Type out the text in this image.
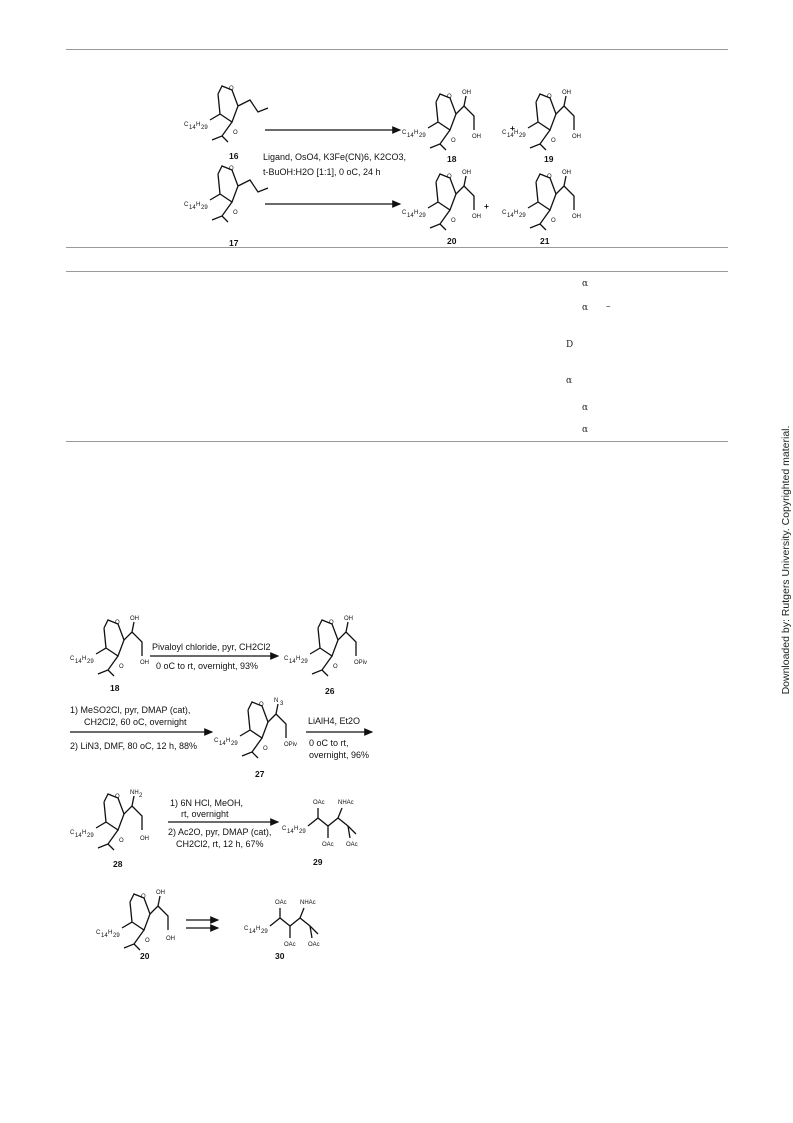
C 14 H 29
O
O
16
C 14 H 29
O
O
17
Ligand, OsO4, K3Fe(CN)6, K2CO3,
t-BuOH:H2O [1:1], 0 oC, 24 h
C 14 H 29
O
O
OH
OH
18
+
C 14 H 29
O
O
OH
OH
19
C 14 H 29
O
O
OH
OH
20
+
C 14 H 29
O
O
OH
OH
21
α
α –
D
α
α
α
C 14 H 29
O
O
OH
OH
18
Pivaloyl chloride, pyr, CH2Cl2
0 oC to rt, overnight, 93%
C 14 H 29
O
O
OH
OPiv
26
1) MeSO2Cl, pyr, DMAP (cat),
CH2Cl2, 60 oC, overnight
2) LiN3, DMF, 80 oC, 12 h, 88%	C 14 H 29
O
O
N 3
OPiv
27
LiAlH4, Et2O
0 oC to rt,
overnight, 96%
C 14 H 29
O
O
NH 2
OH
28
1) 6N HCl, MeOH,
rt, overnight
2) Ac2O, pyr, DMAP (cat),
CH2Cl2, rt, 12 h, 67%
C 14 H 29
OAc NHAc
OAc OAc
29
C 14 H 29
O
O
OH
OH
20
C 14 H 29
OAc NHAc
OAc OAc
30
Downloaded by: Rutgers University. Copyrighted material.
